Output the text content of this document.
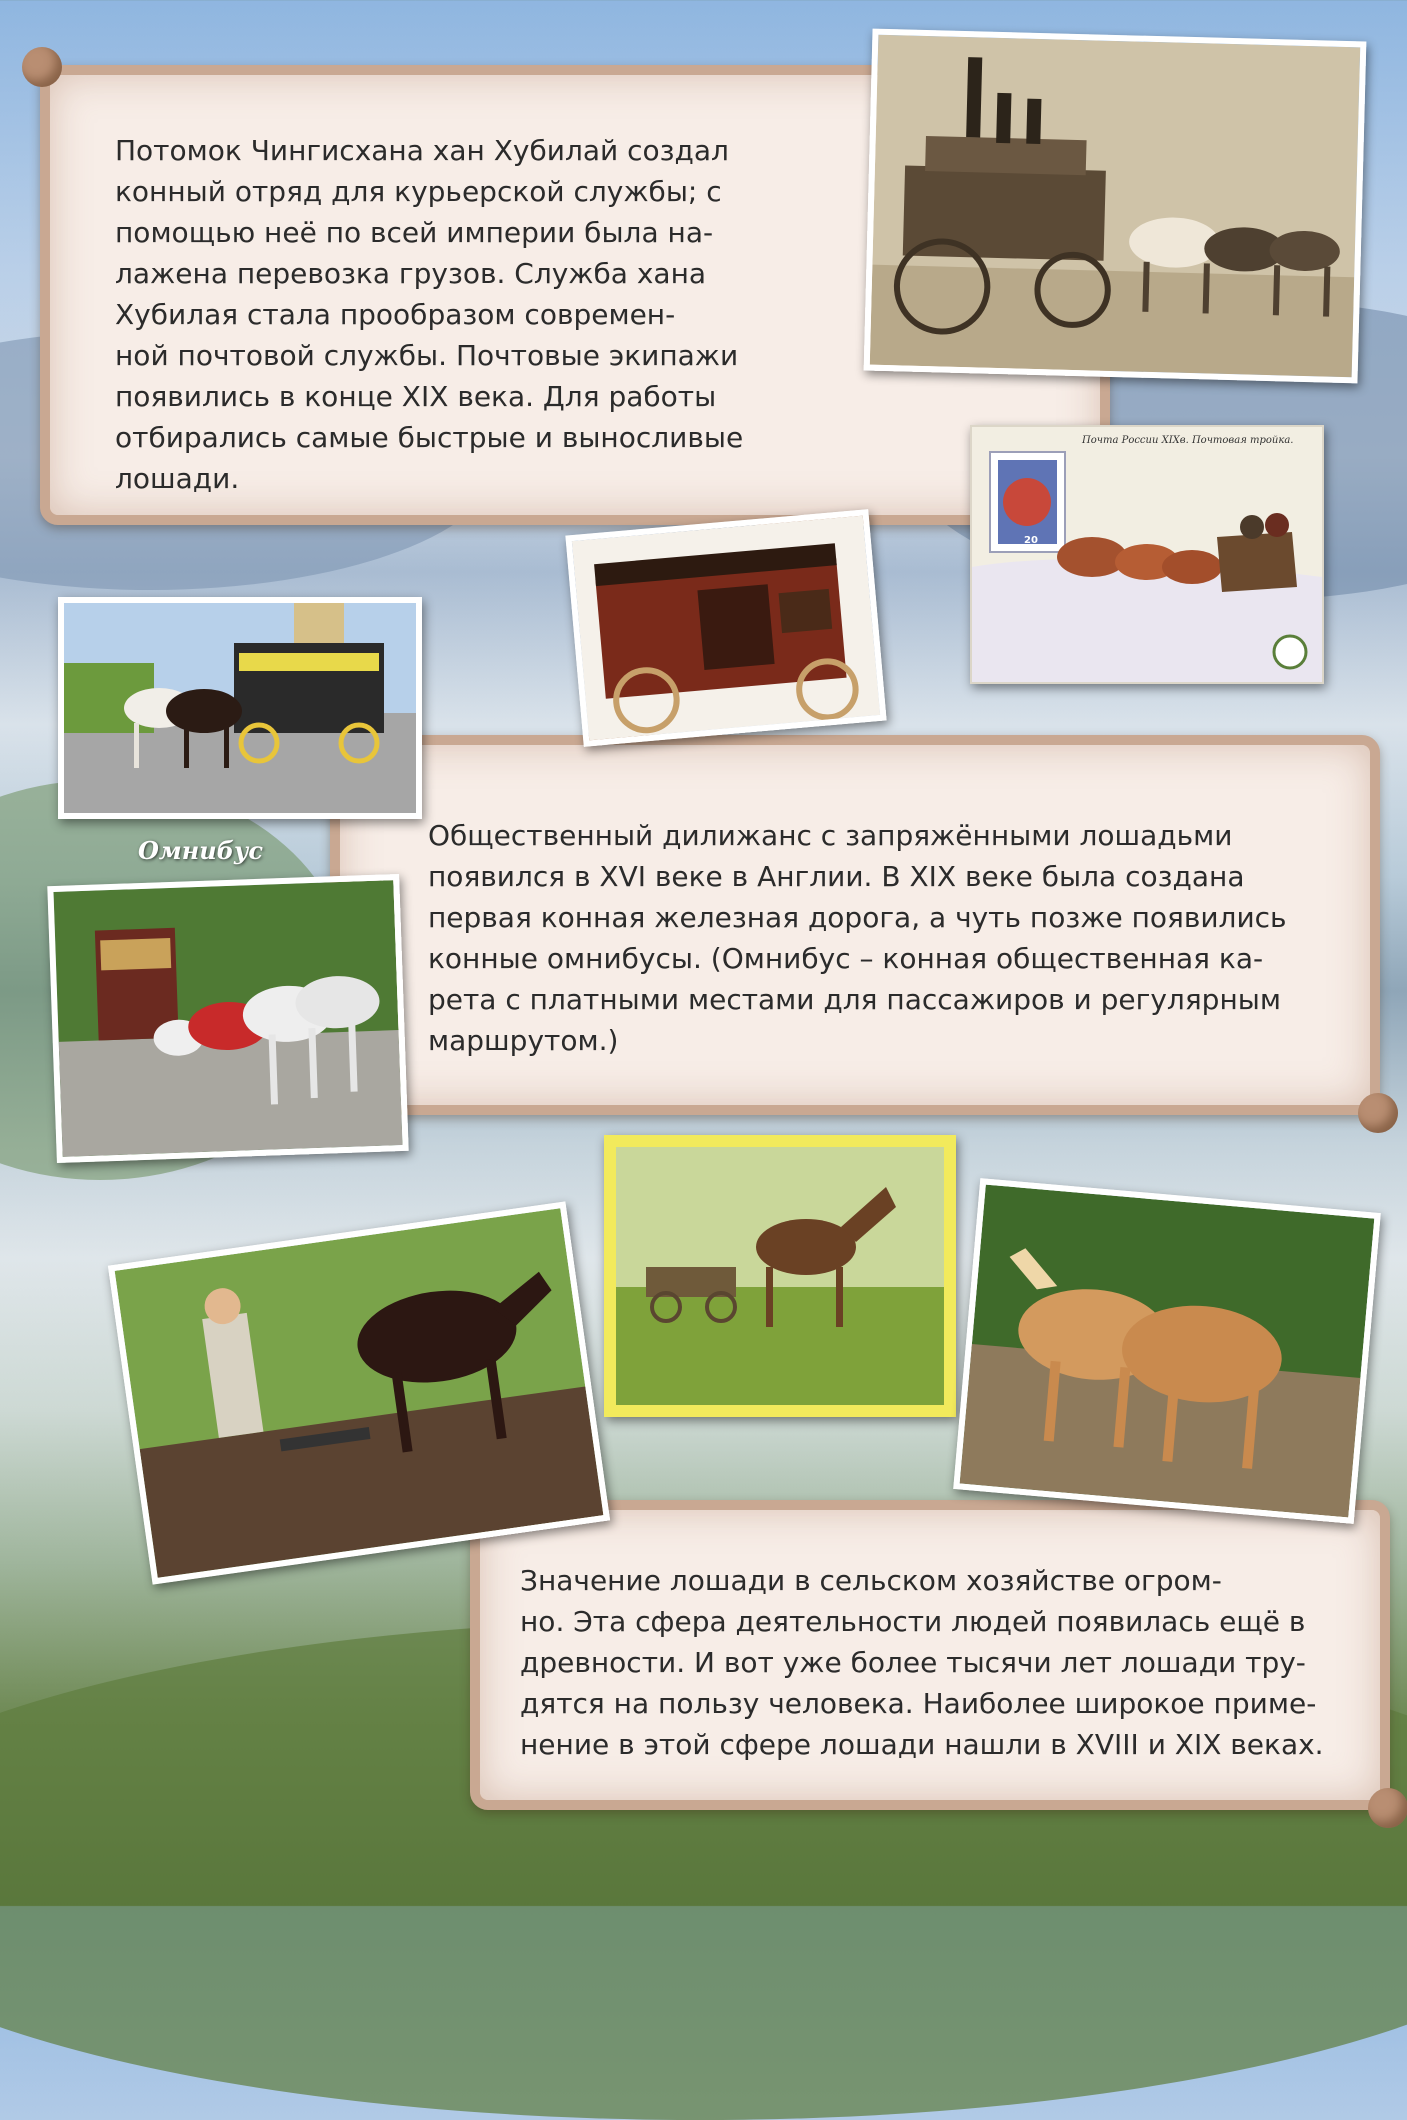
Потомок Чингисхана хан Хубилай создал
конный отряд для курьерской службы; с
помощью неё по всей империи была на-
лажена перевозка грузов. Служба хана
Хубилая стала прообразом современ-
ной почтовой службы. Почтовые экипажи
появились в конце XIX века. Для работы
отбирались самые быстрые и выносливые
лошади.
Общественный дилижанс с запряжёнными лошадьми
появился в XVI веке в Англии. В XIX веке была создана
первая конная железная дорога, а чуть позже появились
конные омнибусы. (Омнибус – конная общественная ка-
рета с платными местами для пассажиров и регулярным
маршрутом.)
Значение лошади в сельском хозяйстве огром-
но. Эта сфера деятельности людей появилась ещё в
древности. И вот уже более тысячи лет лошади тру-
дятся на пользу человека. Наиболее широкое приме-
нение в этой сфере лошади нашли в XVIII и XIX веках.
Почта России XIXв. Почтовая тройка.
20
Омнибус
